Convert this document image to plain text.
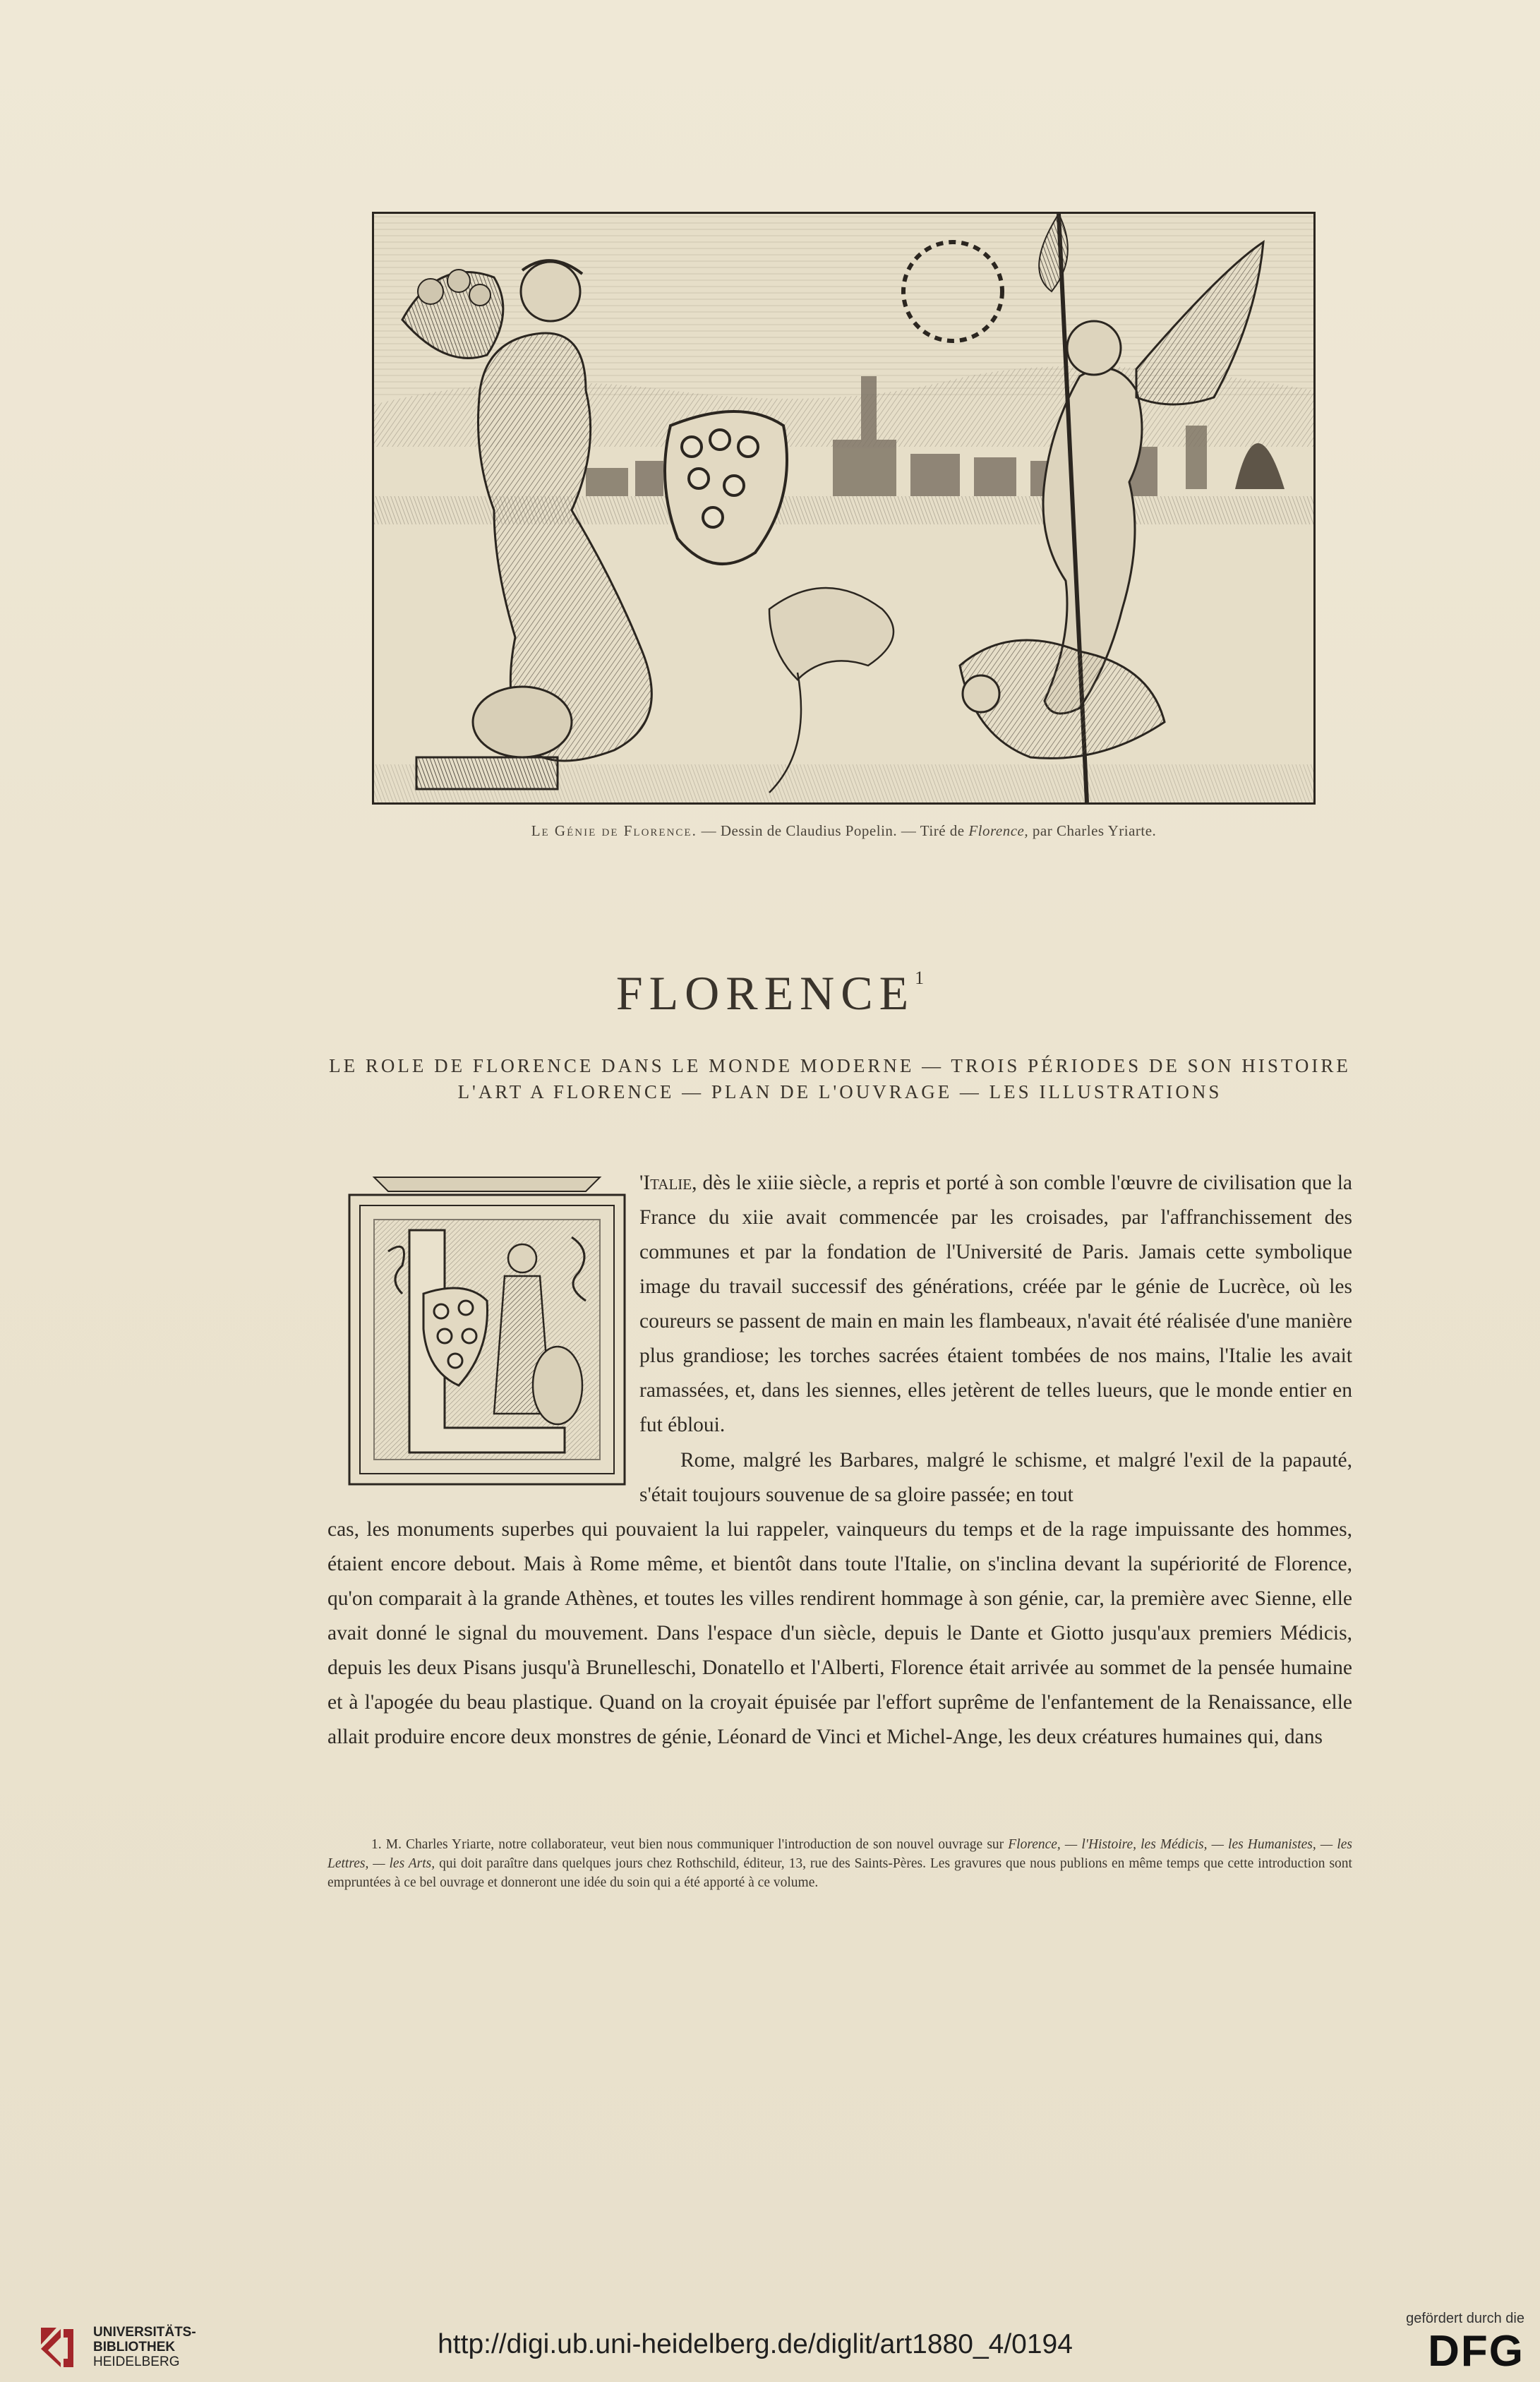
Le Génie de Florence. — Dessin de Claudius Popelin. — Tiré de Florence, par Charles Yriarte.
FLORENCE$^1$
LE ROLE DE FLORENCE DANS LE MONDE MODERNE — TROIS PÉRIODES DE SON HISTOIRE
L'ART A FLORENCE — PLAN DE L'OUVRAGE — LES ILLUSTRATIONS
'Italie, dès le xiiie siècle, a repris et porté à son comble l'œuvre de civilisation que la France du xiie avait commencée par les croisades, par l'affranchissement des communes et par la fondation de l'Université de Paris. Jamais cette symbolique image du travail successif des générations, créée par le génie de Lucrèce, où les coureurs se passent de main en main les flambeaux, n'avait été réalisée d'une manière plus grandiose; les torches sacrées étaient tombées de nos mains, l'Italie les avait ramassées, et, dans les siennes, elles jetèrent de telles lueurs, que le monde entier en fut ébloui.
Rome, malgré les Barbares, malgré le schisme, et malgré l'exil de la papauté, s'était toujours souvenue de sa gloire passée; en tout
cas, les monuments superbes qui pouvaient la lui rappeler, vainqueurs du temps et de la rage impuissante des hommes, étaient encore debout. Mais à Rome même, et bientôt dans toute l'Italie, on s'inclina devant la supériorité de Florence, qu'on comparait à la grande Athènes, et toutes les villes rendirent hommage à son génie, car, la première avec Sienne, elle avait donné le signal du mouvement. Dans l'espace d'un siècle, depuis le Dante et Giotto jusqu'aux premiers Médicis, depuis les deux Pisans jusqu'à Brunelleschi, Donatello et l'Alberti, Florence était arrivée au sommet de la pensée humaine et à l'apogée du beau plastique. Quand on la croyait épuisée par l'effort suprême de l'enfantement de la Renaissance, elle allait produire encore deux monstres de génie, Léonard de Vinci et Michel-Ange, les deux créatures humaines qui, dans
1. M. Charles Yriarte, notre collaborateur, veut bien nous communiquer l'introduction de son nouvel ouvrage sur Florence, — l'Histoire, les Médicis, — les Humanistes, — les Lettres, — les Arts, qui doit paraître dans quelques jours chez Rothschild, éditeur, 13, rue des Saints-Pères. Les gravures que nous publions en même temps que cette introduction sont empruntées à ce bel ouvrage et donneront une idée du soin qui a été apporté à ce volume.
UNIVERSITÄTS-
BIBLIOTHEK
HEIDELBERG
http://digi.ub.uni-heidelberg.de/diglit/art1880_4/0194
gefördert durch die
DFG
